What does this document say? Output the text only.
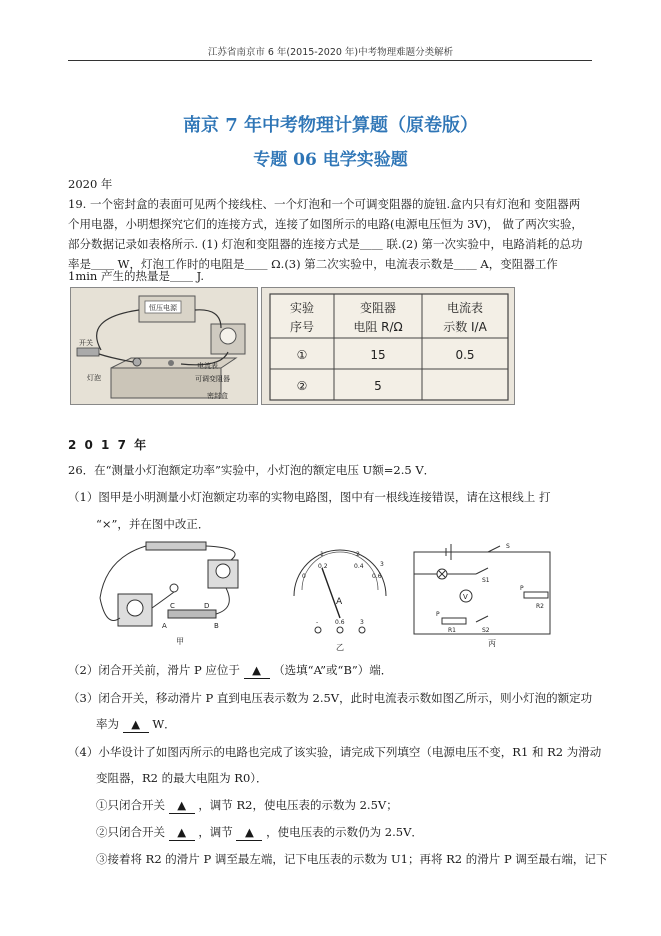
江苏省南京市 6 年(2015-2020 年)中考物理难题分类解析
南京 7 年中考物理计算题（原卷版）
专题 06 电学实验题
2020 年
19. 一个密封盒的表面可见两个接线柱、一个灯泡和一个可调变阻器的旋钮.盒内只有灯泡和 变阻器两
个用电器，小明想探究它们的连接方式，连接了如图所示的电路(电源电压恒为 3V)， 做了两次实验，
部分数据记录如表格所示. (1) 灯泡和变阻器的连接方式是＿＿ 联.(2) 第一次实验中，电路消耗的总功
率是＿＿ W，灯泡工作时的电阻是＿＿ Ω.(3) 第二次实验中，电流表示数是＿＿ A，变阻器工作
1min 产生的热量是＿＿ J.
恒压电源
开关
灯泡
电流表
可调变阻器
密封盒
实验	变阻器	电流表
序号	电阻 R/Ω	示数 I/A
①	15	0.5
②	5
2 0 1 7 年
26．在“测量小灯泡额定功率”实验中，小灯泡的额定电压 U额=2.5 V．
（1）图甲是小明测量小灯泡额定功率的实物电路图，图中有一根线连接错误，请在这根线上 打
“×”，并在图中改正．
C	D
A	B
甲
0
0.2	0.4
0.6
1	2
3
A
-	0.6	3
乙
S
S1
V
P
R2
P
R1	S2
丙
（2）闭合开关前，滑片 P 应位于 ▲ （选填“A”或“B”）端．
（3）闭合开关，移动滑片 P 直到电压表示数为 2.5V，此时电流表示数如图乙所示，则小灯泡的额定功
率为 ▲ W．
（4）小华设计了如图丙所示的电路也完成了该实验，请完成下列填空（电源电压不变，R1 和 R2 为滑动
变阻器，R2 的最大电阻为 R0）．
①只闭合开关 ▲ ，调节 R2，使电压表的示数为 2.5V；
②只闭合开关 ▲ ，调节 ▲ ，使电压表的示数仍为 2.5V．
③接着将 R2 的滑片 P 调至最左端，记下电压表的示数为 U1；再将 R2 的滑片 P 调至最右端，记下
